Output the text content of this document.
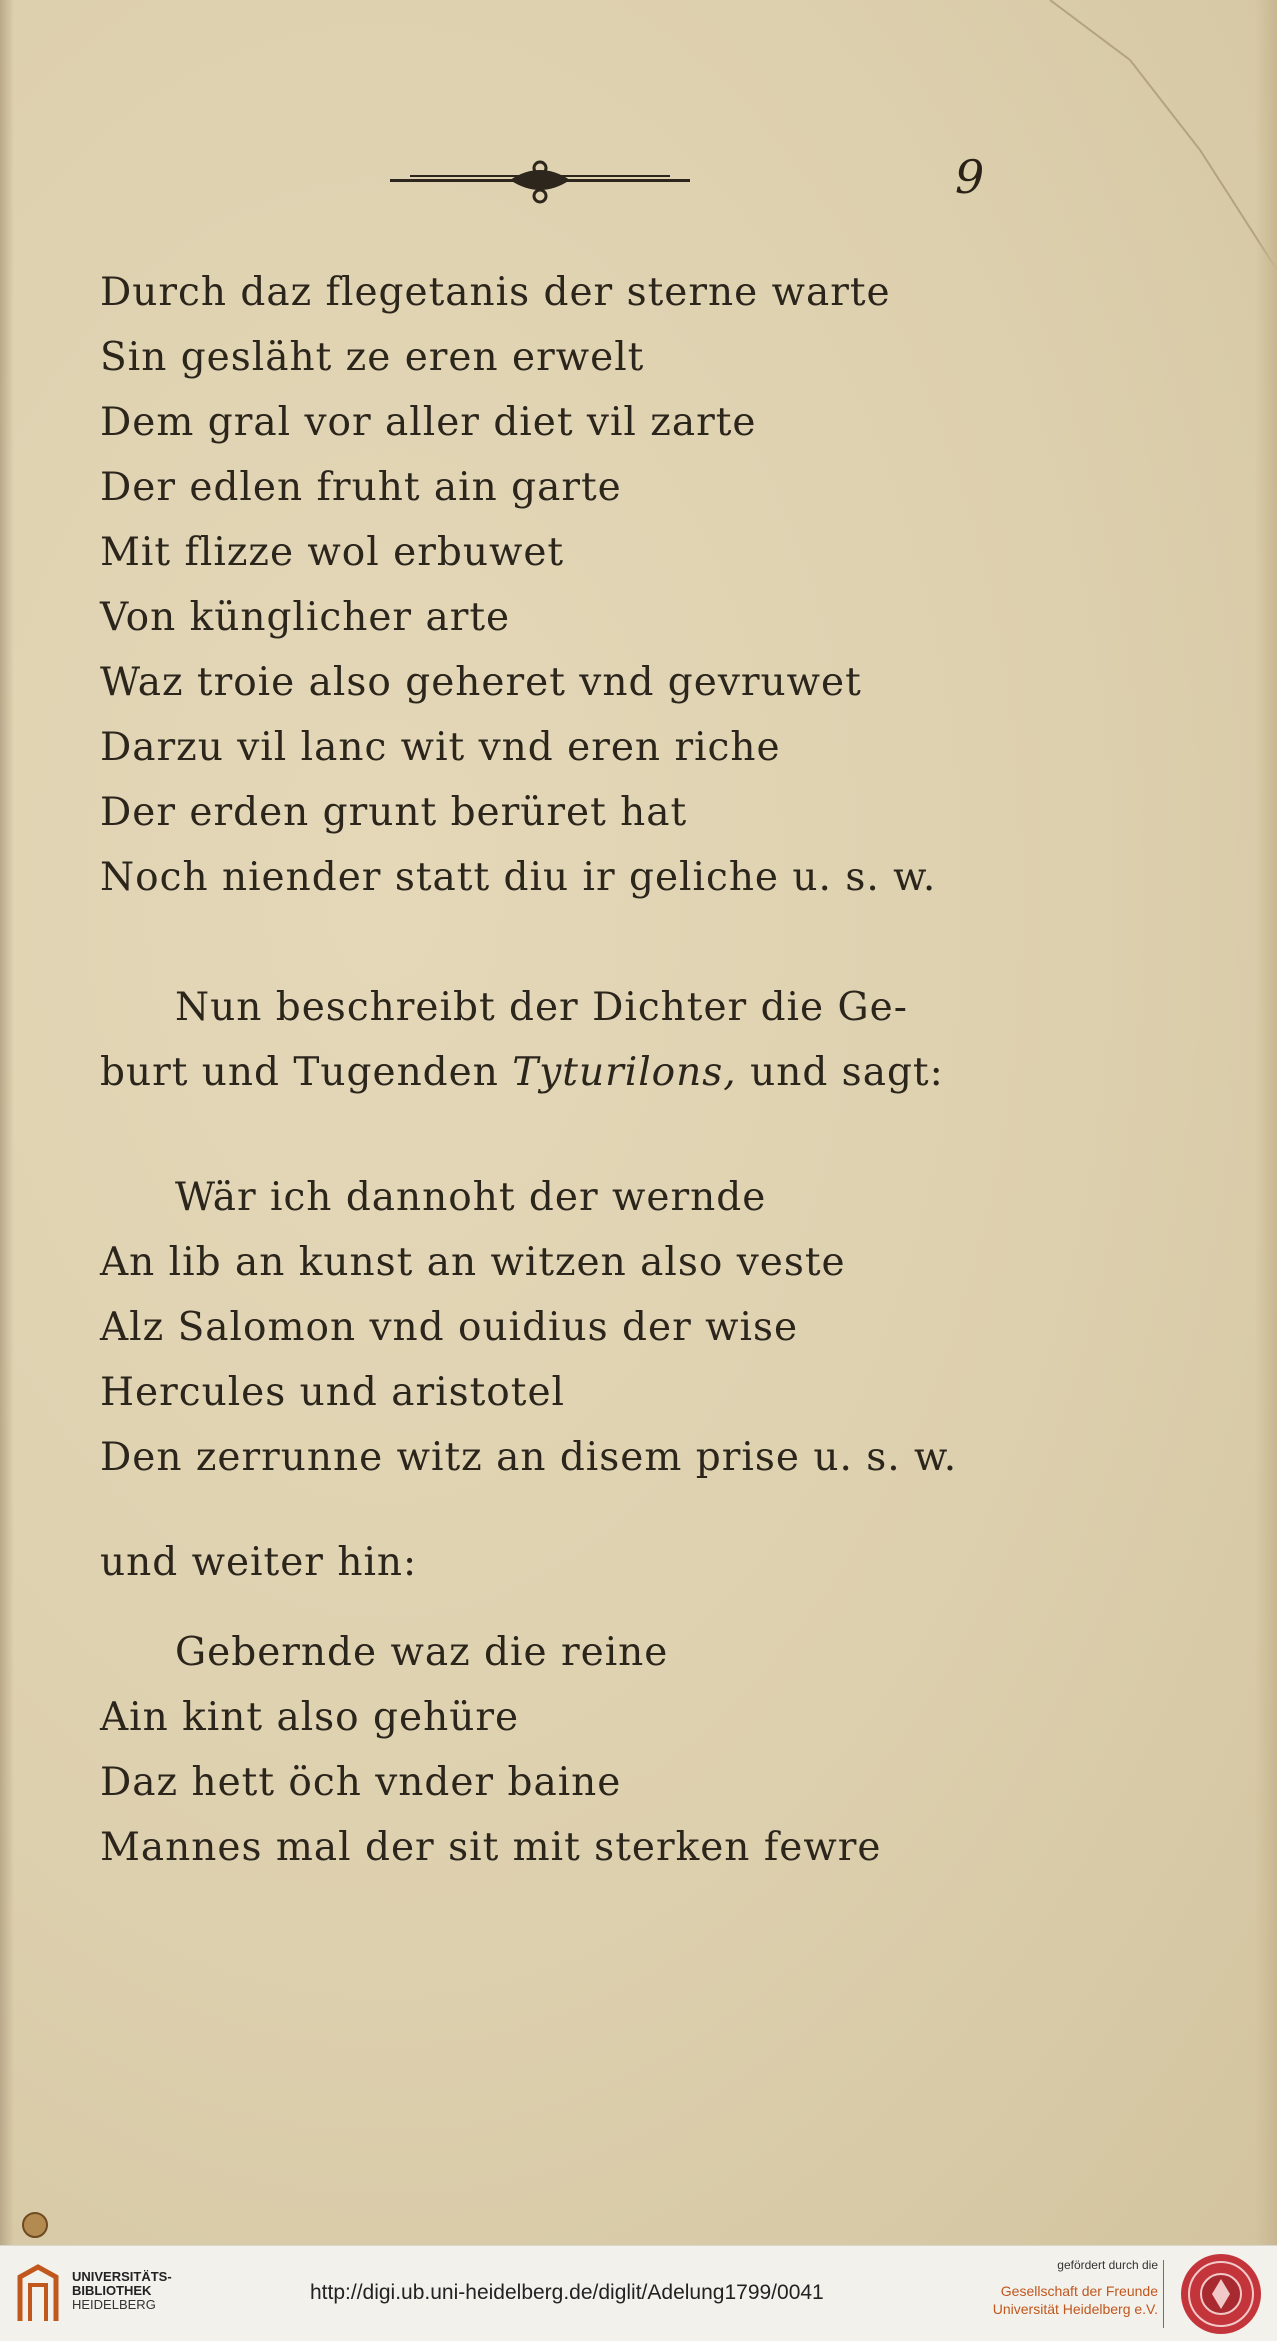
9

Durch daz flegetanis der sterne warte

Sin gesläht ze eren erwelt

Dem gral vor aller diet vil zarte

Der edlen fruht ain garte

Mit flizze wol erbuwet

Von künglicher arte

Waz troie also geheret vnd gevruwet

Darzu vil lanc wit vnd eren riche

Der erden grunt berüret hat

Noch niender statt diu ir geliche u. s. w.

Nun beschreibt der Dichter die Ge-

burt und Tugenden Tyturilons, und sagt:

Wär ich dannoht der wernde

An lib an kunst an witzen also veste

Alz Salomon vnd ouidius der wise

Hercules und aristotel

Den zerrunne witz an disem prise u. s. w.

und weiter hin:

Gebernde waz die reine

Ain kint also gehüre

Daz hett öch vnder baine

Mannes mal der sit mit sterken fewre

UNIVERSITÄTS-
BIBLIOTHEK
HEIDELBERG
http://digi.ub.uni-heidelberg.de/diglit/Adelung1799/0041
gefördert durch die
Gesellschaft der Freunde
Universität Heidelberg e.V.
